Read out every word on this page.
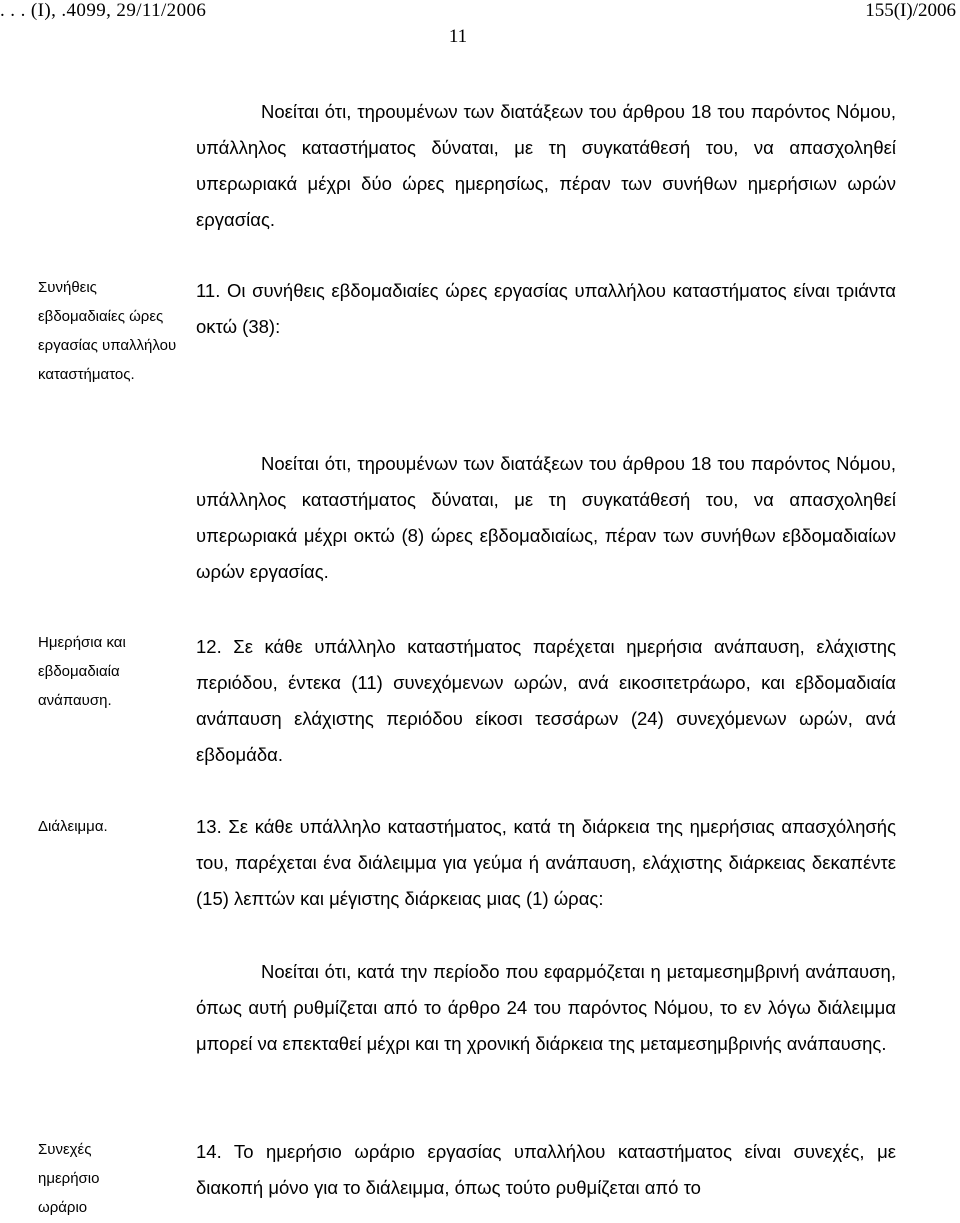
. . . (Ι), .4099, 29/11/2006	155(Ι)/2006
11

Νοείται ότι, τηρουμένων των διατάξεων του άρθρου 18 του παρόντος Νόμου, υπάλληλος καταστήματος δύναται, με τη συγκατάθεσή του, να απασχοληθεί υπερωριακά μέχρι δύο ώρες ημερησίως, πέραν των συνήθων ημερήσιων ωρών εργασίας.

Συνήθεις εβδομαδιαίες ώρες εργασίας υπαλλήλου καταστήματος.

11. Οι συνήθεις εβδομαδιαίες ώρες εργασίας υπαλλήλου καταστήματος είναι τριάντα οκτώ (38):

Νοείται ότι, τηρουμένων των διατάξεων του άρθρου 18 του παρόντος Νόμου, υπάλληλος καταστήματος δύναται, με τη συγκατάθεσή του, να απασχοληθεί υπερωριακά μέχρι οκτώ (8) ώρες εβδομαδιαίως, πέραν των συνήθων εβδομαδιαίων ωρών εργασίας.

Ημερήσια και εβδομαδιαία ανάπαυση.

12. Σε κάθε υπάλληλο καταστήματος παρέχεται ημερήσια ανάπαυση, ελάχιστης περιόδου, έντεκα (11) συνεχόμενων ωρών, ανά εικοσιτετράωρο, και εβδομαδιαία ανάπαυση ελάχιστης περιόδου είκοσι τεσσάρων (24) συνεχόμενων ωρών, ανά εβδομάδα.

Διάλειμμα.	13. Σε κάθε υπάλληλο καταστήματος, κατά τη διάρκεια της ημερήσιας απασχόλησής του, παρέχεται ένα διάλειμμα για γεύμα ή ανάπαυση, ελάχιστης διάρκειας δεκαπέντε (15) λεπτών και μέγιστης διάρκειας μιας (1) ώρας:

Νοείται ότι, κατά την περίοδο που εφαρμόζεται η μεταμεσημβρινή ανάπαυση, όπως αυτή ρυθμίζεται από το άρθρο 24 του παρόντος Νόμου, το εν λόγω διάλειμμα μπορεί να επεκταθεί μέχρι και τη χρονική διάρκεια της μεταμεσημβρινής ανάπαυσης.

Συνεχές ημερήσιο ωράριο

14. Το ημερήσιο ωράριο εργασίας υπαλλήλου καταστήματος είναι συνεχές, με διακοπή μόνο για το διάλειμμα, όπως τούτο ρυθμίζεται από το
